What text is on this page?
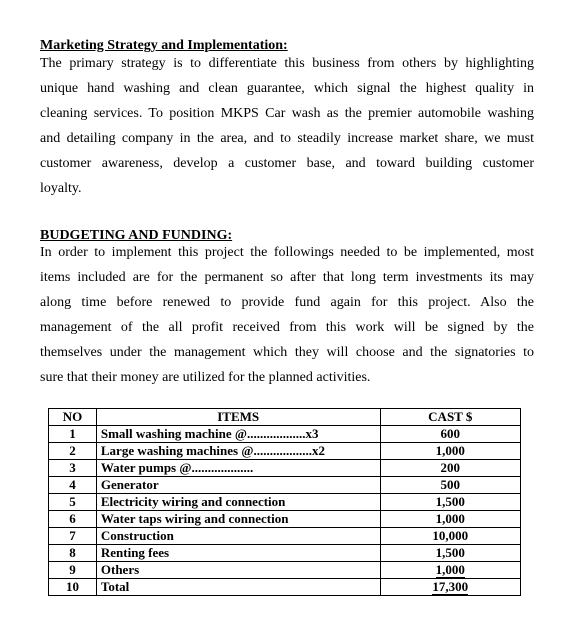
Marketing Strategy and Implementation:
The primary strategy is to differentiate this business from others by highlighting
unique hand washing and clean guarantee, which signal the highest quality in
cleaning services. To position MKPS Car wash as the premier automobile washing
and detailing company in the area, and to steadily increase market share, we must
customer awareness, develop a customer base, and toward building customer
loyalty.
BUDGETING AND FUNDING:
In order to implement this project the followings needed to be implemented, most
items included are for the permanent so after that long term investments its may
along time before renewed to provide fund again for this project. Also the
management of the all profit received from this work will be signed by the
themselves under the management which they will choose and the signatories to
sure that their money are utilized for the planned activities.
NO	ITEMS	CAST $
1	Small washing machine @..................x3	600
2	Large washing machines @..................x2	1,000
3	Water pumps @...................	200
4	Generator	500
5	Electricity wiring and connection	1,500
6	Water taps wiring and connection	1,000
7	Construction	10,000
8	Renting fees	1,500
9	Others	1,000
10	Total	17,300
